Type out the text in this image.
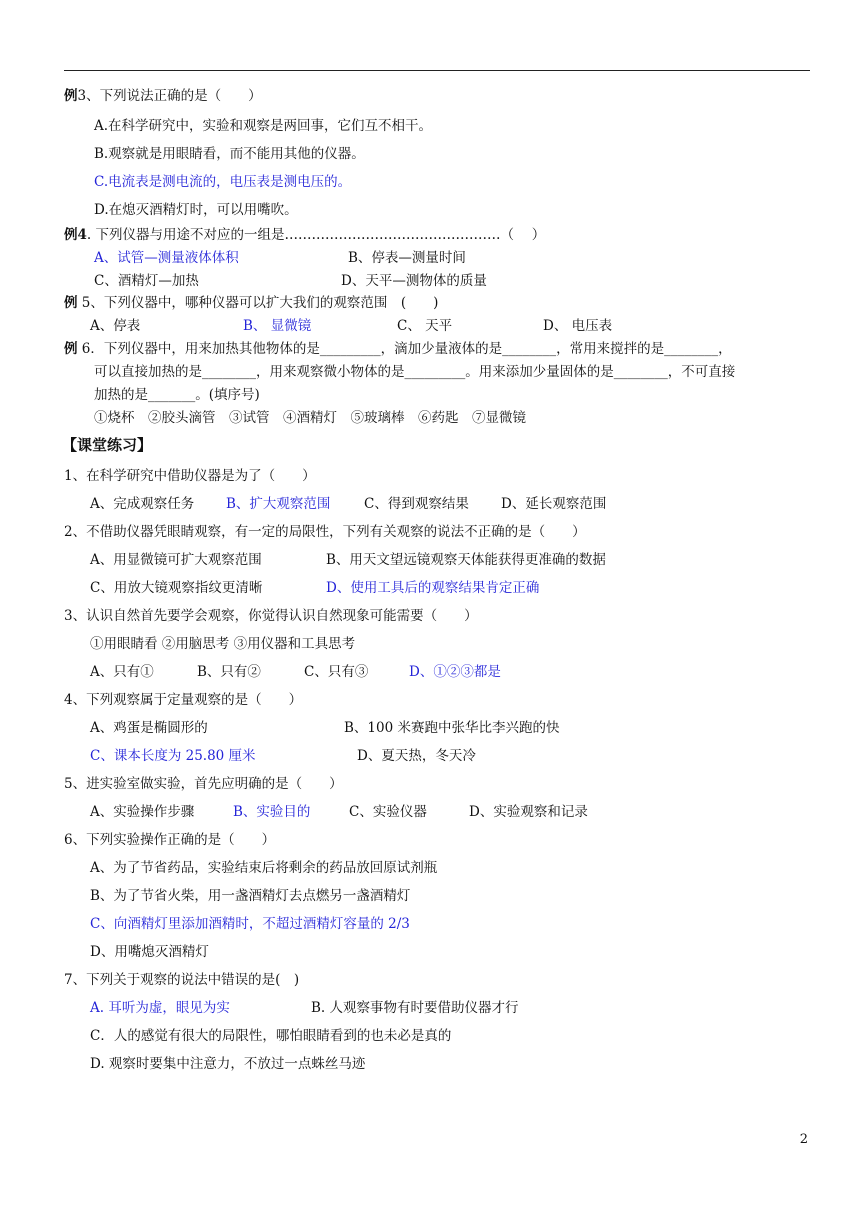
例3、下列说法正确的是（　　）
A.在科学研究中，实验和观察是两回事，它们互不相干。
B.观察就是用眼睛看，而不能用其他的仪器。
C.电流表是测电流的，电压表是测电压的。
D.在熄灭酒精灯时，可以用嘴吹。
例4. 下列仪器与用途不对应的一组是…………………………………………（　 ）
A、试管—测量液体体积	B、停表—测量时间
C、酒精灯—加热	D、天平—测物体的质量
例 5、下列仪器中，哪种仪器可以扩大我们的观察范围　(　　)
A、停表	B、 显微镜	C、 天平	D、 电压表
例 6．下列仪器中，用来加热其他物体的是_________，滴加少量液体的是________，常用来搅拌的是________，
可以直接加热的是________，用来观察微小物体的是_________。用来添加少量固体的是________，不可直接
加热的是_______。(填序号)
①烧杯　②胶头滴管　③试管　④酒精灯　⑤玻璃棒　⑥药匙　⑦显微镜
【课堂练习】
1、在科学研究中借助仪器是为了（　　）
A、完成观察任务 B、扩大观察范围 C、得到观察结果 D、延长观察范围
2、不借助仪器凭眼睛观察，有一定的局限性，下列有关观察的说法不正确的是（　　）
A、用显微镜可扩大观察范围	B、用天文望远镜观察天体能获得更准确的数据
C、用放大镜观察指纹更清晰	D、使用工具后的观察结果肯定正确
3、认识自然首先要学会观察，你觉得认识自然现象可能需要（　　）
①用眼睛看 ②用脑思考 ③用仪器和工具思考
A、只有①	B、只有②	C、只有③	D、①②③都是
4、下列观察属于定量观察的是（　　）
A、鸡蛋是椭圆形的	B、100 米赛跑中张华比李兴跑的快
C、课本长度为 25.80 厘米	D、夏天热，冬天冷
5、进实验室做实验，首先应明确的是（　　）
A、实验操作步骤	B、实验目的	C、实验仪器	D、实验观察和记录
6、下列实验操作正确的是（　　）
A、为了节省药品，实验结束后将剩余的药品放回原试剂瓶
B、为了节省火柴，用一盏酒精灯去点燃另一盏酒精灯
C、向酒精灯里添加酒精时，不超过酒精灯容量的 2/3
D、用嘴熄灭酒精灯
7、下列关于观察的说法中错误的是(　)
A. 耳听为虚，眼见为实	B. 人观察事物有时要借助仪器才行
C．人的感觉有很大的局限性，哪怕眼睛看到的也未必是真的
D. 观察时要集中注意力，不放过一点蛛丝马迹
2
